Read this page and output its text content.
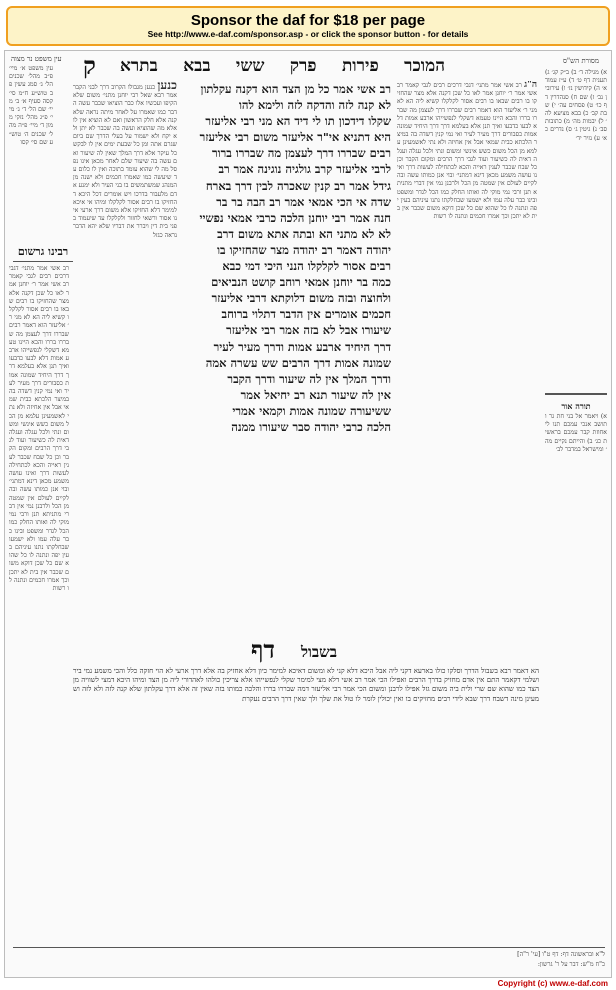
Sponsor the daf for $18 per page
See http://www.e-daf.com/sponsor.asp - or click the sponsor button - for details
עין משפט נר מצוה	מסורת הש"ס
ק	המוכר
פירות
פרק
ששי
בבא
בתרא
עין משפט א׳ מיי׳ פ״ב מהל׳ שכנים הל׳ ג׳ סמג עשין פב טוש״ע ח״מ סי׳ קסה סעיף א׳ ב׳ מיי׳ שם הל׳ ד׳ ג׳ מיי׳ פ״ג מהל׳ נזקי ממון ד׳ מיי׳ פ״ה מהל׳ שכנים ה׳ טוש״ע שם סי׳ קסו
רבינו גרשום
רב אשי אמר מתני׳ דגבי דרכים רבים לגבי קאמר רב אשי אמר ר׳ יוחנן אמר לאו כל שכן דקנה אלא מצר שהחזיקו בו רבים שבאו בו רבים אסור לקלקלו קשיא ליה הא לא מני ר׳ אליעזר הוא דאמר רבים שבררו דרך לעצמן מה שבררו בררו והכא היינו טעמא דשקלי לנפשייהו ארבע אמות דלא לבעו כדבעו ואיך תנן אלא בעלמא דרך דרך היחיד שמונה אמות כסבורים דרך מעיר לעיר ואי נמי קנין דשדה בה במיצר הלכתא כבית שמאי אבל אין אחיזה ולא נתי לאשמעינן עלמא מן הכל משום כשש אינשי ומשום ונתי ולכל עגלה ועגלה דאית לה כשיעור ועוד לגבי דרך הרבים ומקום הקבר וכן כל שבח שכבר לענין ראייה והכא לכתחילה לעשות דרך ואינו עושה משמע מכאן דינא דמתני׳ ובוי אנן כמותו עשה ובה לקיים לעולם אין שמטה מן הכל ולרבנן נמי אין דברי מתניתא תנן ורבי נמי מוקי לה ואותו החלק כמו הכל לגדר ומשפט ובינו כבר עלה עמו ולא ישמעו שבחלקתו נתנו עיניהם בעין יפה ונתנה לו כל שהוא שם כל שכן דוקא משום שכבר אין בית לא יתכן וכך אמרו חכמים ונתנה לו רשות
כנען כנען מגבולו הקרוב דרך לבני הקבר אמר רבא שאל רבי יוחנן מתני׳ משום שלא הקיפו ועכשיו אלו כבר הוציאו שכבר עשה הדבר כמו שאמרו על לאחר מיתה נראה שלא קנה אלא חלק הראשון ואם לא הוציא אין לו אלא מה שהוציא ועשה בה שכבר לא יתן ולא יקח ולא ישמור על בעלי הדרך שם ביום שגרם אתה ומן כל שבעת ימים אין לו לבקש כל עיקר אלא דרך המלך שאין לה שיעור ואם עשה בה שיעור שלם לאחר מכאן אינו נפסל מה לי שהוא עומד בתוכה ואין לו כלום עד שיעשה כמו שאמרו חכמים ולא ישנה מן המנהג שמשתמשים בו בני העיר ולא ימנע אדם מלעבור בדרכו ויש אומרים דכל היכא דהחזיקו בו רבים אסור לקלקלו ומיהו אי איכא למימר דלא החזיקו אלא משום דרך ארעי אינו אסור ורשאי לחזור ולקלקלו עד שיעמוד בפני בית דין ויברר את דבריו שלא יהא הדבר נראה כגזל
רב אשי אמר כל מן הצד הוא דקנה עקלתון
לא קנה לזה והדקה לזה ולימא להו
שקלו דידכון תו לי דיד הא מני רבי אליעזר
היא דתניא אי"ר אליעזר משום רבי אליעזר
רבים שבררו דרך לעצמן מה שבררו ברור
לרבי אליעזר קרב גולגיה נוגינה אמר רב
גידל אמר רב קנין שאכרה לבין דרך בארח
שדה אי הכי אמאי אמר רב הבה בר בר
חנה אמר רבי יוחנן הלכה כרבי אמאי נפשיי
לא לא מתני הא ובתה אתא משום דרב
יהודה דאמר רב יהודה מצר שהחזיקו בו
רבים אסור לקלקלו הנני היכי דמי כבא
כמה בר יוחנן אמאי רוחב קושט הנביאים
ולחוצה ובזה משום דלוקתא דרבי אליעזר
חכמים אומרים אין הדבר דתלוי ברוחב
שיעורו אבל לא בזה אמר רבי אליעזר
דרך היחיד ארבע אמות ודרך מעיר לעיר
שמונה אמות דרך הרבים שש עשרה אמה
ודרך המלך אין לה שיעור ודרך הקבר
אין לה שיעור תנא רב יחיאל אמר
ששיעורה שמונה אמות וקמאי אמרי
הלכה כרבי יהודה סבר שיעורו ממנה
ה"ג רב אשי אמר מתני׳ דגבי דרכים רבים לגבי קאמר רב אשי אמר ר׳ יוחנן אמר לאו כל שכן דקנה אלא מצר שהחזיקו בו רבים שבאו בו רבים אסור לקלקלו קשיא ליה הא לא מני ר׳ אליעזר הוא דאמר רבים שבררו דרך לעצמן מה שבררו בררו והכא היינו טעמא דשקלי לנפשייהו ארבע אמות דלא לבעו כדבעו ואיך תנן אלא בעלמא דרך דרך היחיד שמונה אמות כסבורים דרך מעיר לעיר ואי נמי קנין דשדה בה במיצר הלכתא כבית שמאי אבל אין אחיזה ולא נתי לאשמעינן עלמא מן הכל משום כשש אינשי ומשום ונתי ולכל עגלה ועגלה דאית לה כשיעור ועוד לגבי דרך הרבים ומקום הקבר וכן כל שבח שכבר לענין ראייה והכא לכתחילה לעשות דרך ואינו עושה משמע מכאן דינא דמתני׳ ובוי אנן כמותו עשה ובה לקיים לעולם אין שמטה מן הכל ולרבנן נמי אין דברי מתניתא תנן ורבי נמי מוקי לה ואותו החלק כמו הכל לגדר ומשפט ובינו כבר עלה עמו ולא ישמעו שבחלקתו נתנו עיניהם בעין יפה ונתנה לו כל שהוא שם כל שכן דוקא משום שכבר אין בית לא יתכן וכך אמרו חכמים ונתנה לו רשות
א) מגילה ד׳ ב) ב״ק קג׳ ג) תענית דף ט׳ ד) ע״ז עמוד א׳ ה) קידושין נז׳ ו) עירובין נב׳ ז) שם ח) סנהדרין דף כו׳ ט) פסחים עה׳ י) שבת קב׳ כ) בבא מציעא לה׳ ל) יבמות מה׳ מ) כתובות סב׳ נ) גיטין ג׳ ס) נדרים כא׳ ע) נזיר יד׳
תורה אור
א) ויאמר אל בני חת גר ותושב אנכי עמכם תנו לי אחוזת קבר עמכם בראשית כג׳ ב) והייתם נקיים מה׳ ומישראל במדבר לב׳
בשבול
דף
הא דאמר רבא בשבול הדרך וסלקו כולו בארעא דקני ליה אבל היכא דלא קני לא ומשום דאיכא למימר כיון דלא אחזיק בה אלא דרך ארעי לא הוי חזקה כלל והכי משמע נמי בירושלמי דקאמר התם אין אדם מחזיק בדרך הרבים ואפילו הכי אמר רב אשי דלא מצי למימר שקלי לנפשייהו אלא צריכין כולהו לאהדורי ליה מן הצד ומיהו היכא דמצי לשוויה מן הצד כמו שהוא שם שרי ולית ביה משום גזל אפילו לרבנן ומשום הכי אמר רבי אליעזר דמה שבררו בררו והלכה כמותו בזה שאין זה אלא דרך עקלתון שלא קנה לזה ולא לזה ושמעינן מינה דשבח דרך שבא לידי רבים מחזיקים בו ואין יכולין לומר לו טול את שלך ולך שאין דרך הרבים נעקרת
ל"א ובראשונה דף: דף ט"ו [עי' ר"ה]
כ"ח מ"ש: דבר על ר' גרשון:
Copyright (c) www.e-daf.com
